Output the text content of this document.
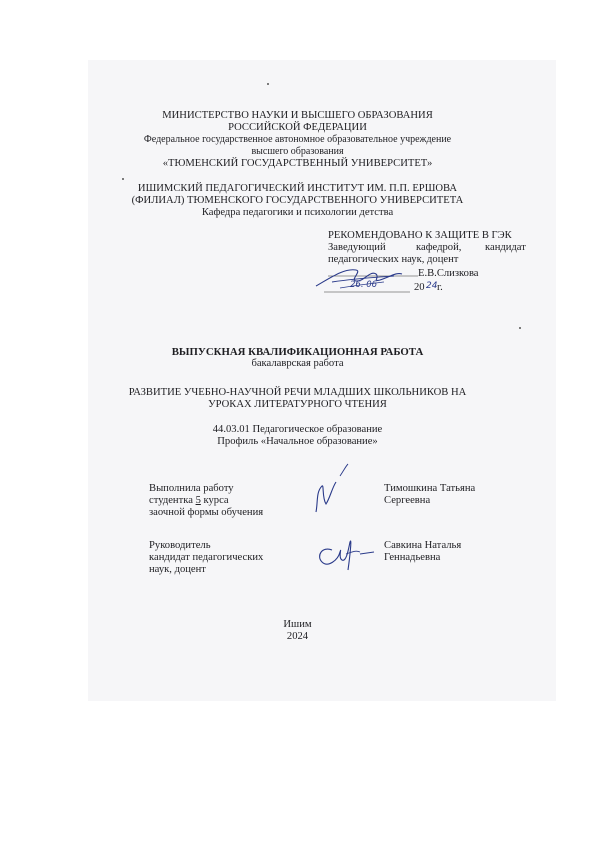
МИНИСТЕРСТВО НАУКИ И ВЫСШЕГО ОБРАЗОВАНИЯ
РОССИЙСКОЙ ФЕДЕРАЦИИ
Федеральное государственное автономное образовательное учреждение
высшего образования
«ТЮМЕНСКИЙ ГОСУДАРСТВЕННЫЙ УНИВЕРСИТЕТ»
ИШИМСКИЙ ПЕДАГОГИЧЕСКИЙ ИНСТИТУТ ИМ. П.П. ЕРШОВА
(ФИЛИАЛ) ТЮМЕНСКОГО ГОСУДАРСТВЕННОГО УНИВЕРСИТЕТА
Кафедра педагогики и психологии детства
РЕКОМЕНДОВАНО К ЗАЩИТЕ В ГЭК
Заведующий	кафедрой, кандидат
педагогических наук, доцент
Е.В.Слизкова
26. 06	20 24 г.
ВЫПУСКНАЯ КВАЛИФИКАЦИОННАЯ РАБОТА
бакалаврская работа
РАЗВИТИЕ УЧЕБНО-НАУЧНОЙ РЕЧИ МЛАДШИХ ШКОЛЬНИКОВ НА
УРОКАХ ЛИТЕРАТУРНОГО ЧТЕНИЯ
44.03.01 Педагогическое образование
Профиль «Начальное образование»
Выполнила работу
студентка 5 курса
заочной формы обучения
Тимошкина Татьяна
Сергеевна
Руководитель
кандидат педагогических
наук, доцент
Савкина Наталья
Геннадьевна
Ишим
2024
